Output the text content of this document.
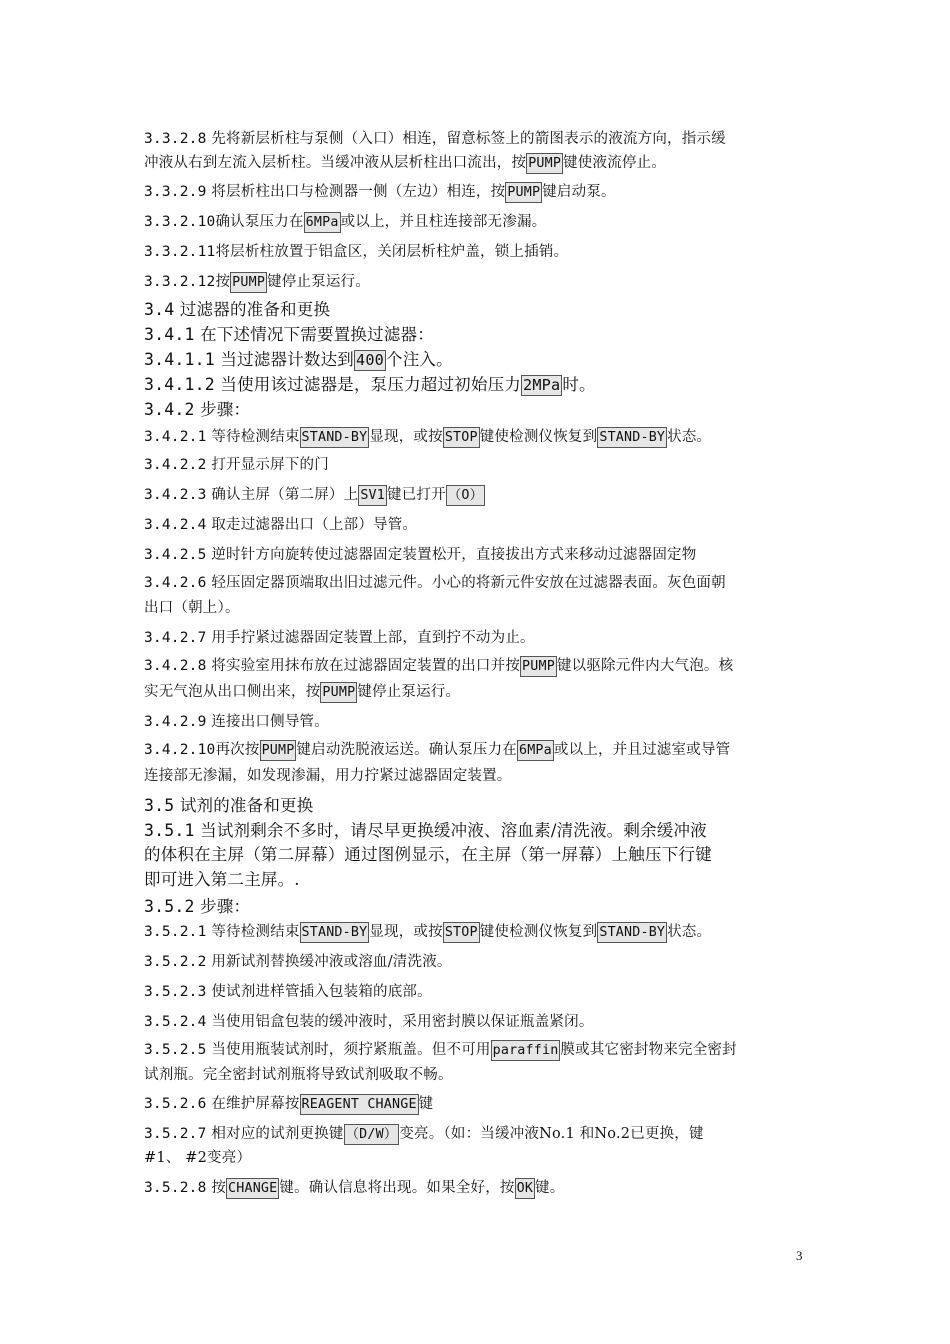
3.3.2.8 先将新层析柱与泵侧（入口）相连，留意标签上的箭图表示的液流方向，指示缓
冲液从右到左流入层析柱。当缓冲液从层析柱出口流出，按 PUMP 键使液流停止。
3.3.2.9 将层析柱出口与检测器一侧（左边）相连，按 PUMP 键启动泵。
3.3.2.10确认泵压力在 6MPa 或以上，并且柱连接部无渗漏。
3.3.2.11将层析柱放置于铝盒区，关闭层析柱炉盖，锁上插销。
3.3.2.12按 PUMP 键停止泵运行。
3.4 过滤器的准备和更换
3.4.1 在下述情况下需要置换过滤器：
3.4.1.1 当过滤器计数达到 400 个注入。
3.4.1.2 当使用该过滤器是，泵压力超过初始压力 2MPa 时。
3.4.2 步骤：
3.4.2.1 等待检测结束 STAND-BY 显现，或按 STOP 键使检测仪恢复到 STAND-BY 状态。
3.4.2.2 打开显示屏下的门
3.4.2.3 确认主屏（第二屏）上 SV1 键已打开 （O）
3.4.2.4 取走过滤器出口（上部）导管。
3.4.2.5 逆时针方向旋转使过滤器固定装置松开，直接拔出方式来移动过滤器固定物
3.4.2.6 轻压固定器顶端取出旧过滤元件。小心的将新元件安放在过滤器表面。灰色面朝
出口（朝上）。
3.4.2.7 用手拧紧过滤器固定装置上部，直到拧不动为止。
3.4.2.8 将实验室用抹布放在过滤器固定装置的出口并按 PUMP 键以驱除元件内大气泡。核
实无气泡从出口侧出来，按 PUMP 键停止泵运行。
3.4.2.9 连接出口侧导管。
3.4.2.10再次按 PUMP 键启动洗脱液运送。确认泵压力在 6MPa 或以上，并且过滤室或导管
连接部无渗漏，如发现渗漏，用力拧紧过滤器固定装置。
3.5 试剂的准备和更换
3.5.1 当试剂剩余不多时，请尽早更换缓冲液、溶血素/清洗液。剩余缓冲液
的体积在主屏（第二屏幕）通过图例显示，在主屏（第一屏幕）上触压下行键
即可进入第二主屏。.
3.5.2 步骤：
3.5.2.1 等待检测结束 STAND-BY 显现，或按 STOP 键使检测仪恢复到 STAND-BY 状态。
3.5.2.2 用新试剂替换缓冲液或溶血/清洗液。
3.5.2.3 使试剂进样管插入包装箱的底部。
3.5.2.4 当使用铝盒包装的缓冲液时，采用密封膜以保证瓶盖紧闭。
3.5.2.5 当使用瓶装试剂时，须拧紧瓶盖。但不可用 paraffin 膜或其它密封物来完全密封
试剂瓶。完全密封试剂瓶将导致试剂吸取不畅。
3.5.2.6 在维护屏幕按 REAGENT CHANGE 键
3.5.2.7 相对应的试剂更换键 （D/W） 变亮。（如：当缓冲液No.1 和No.2已更换，键
#1、 #2变亮）
3.5.2.8 按 CHANGE 键。确认信息将出现。如果全好，按 OK 键。
3
